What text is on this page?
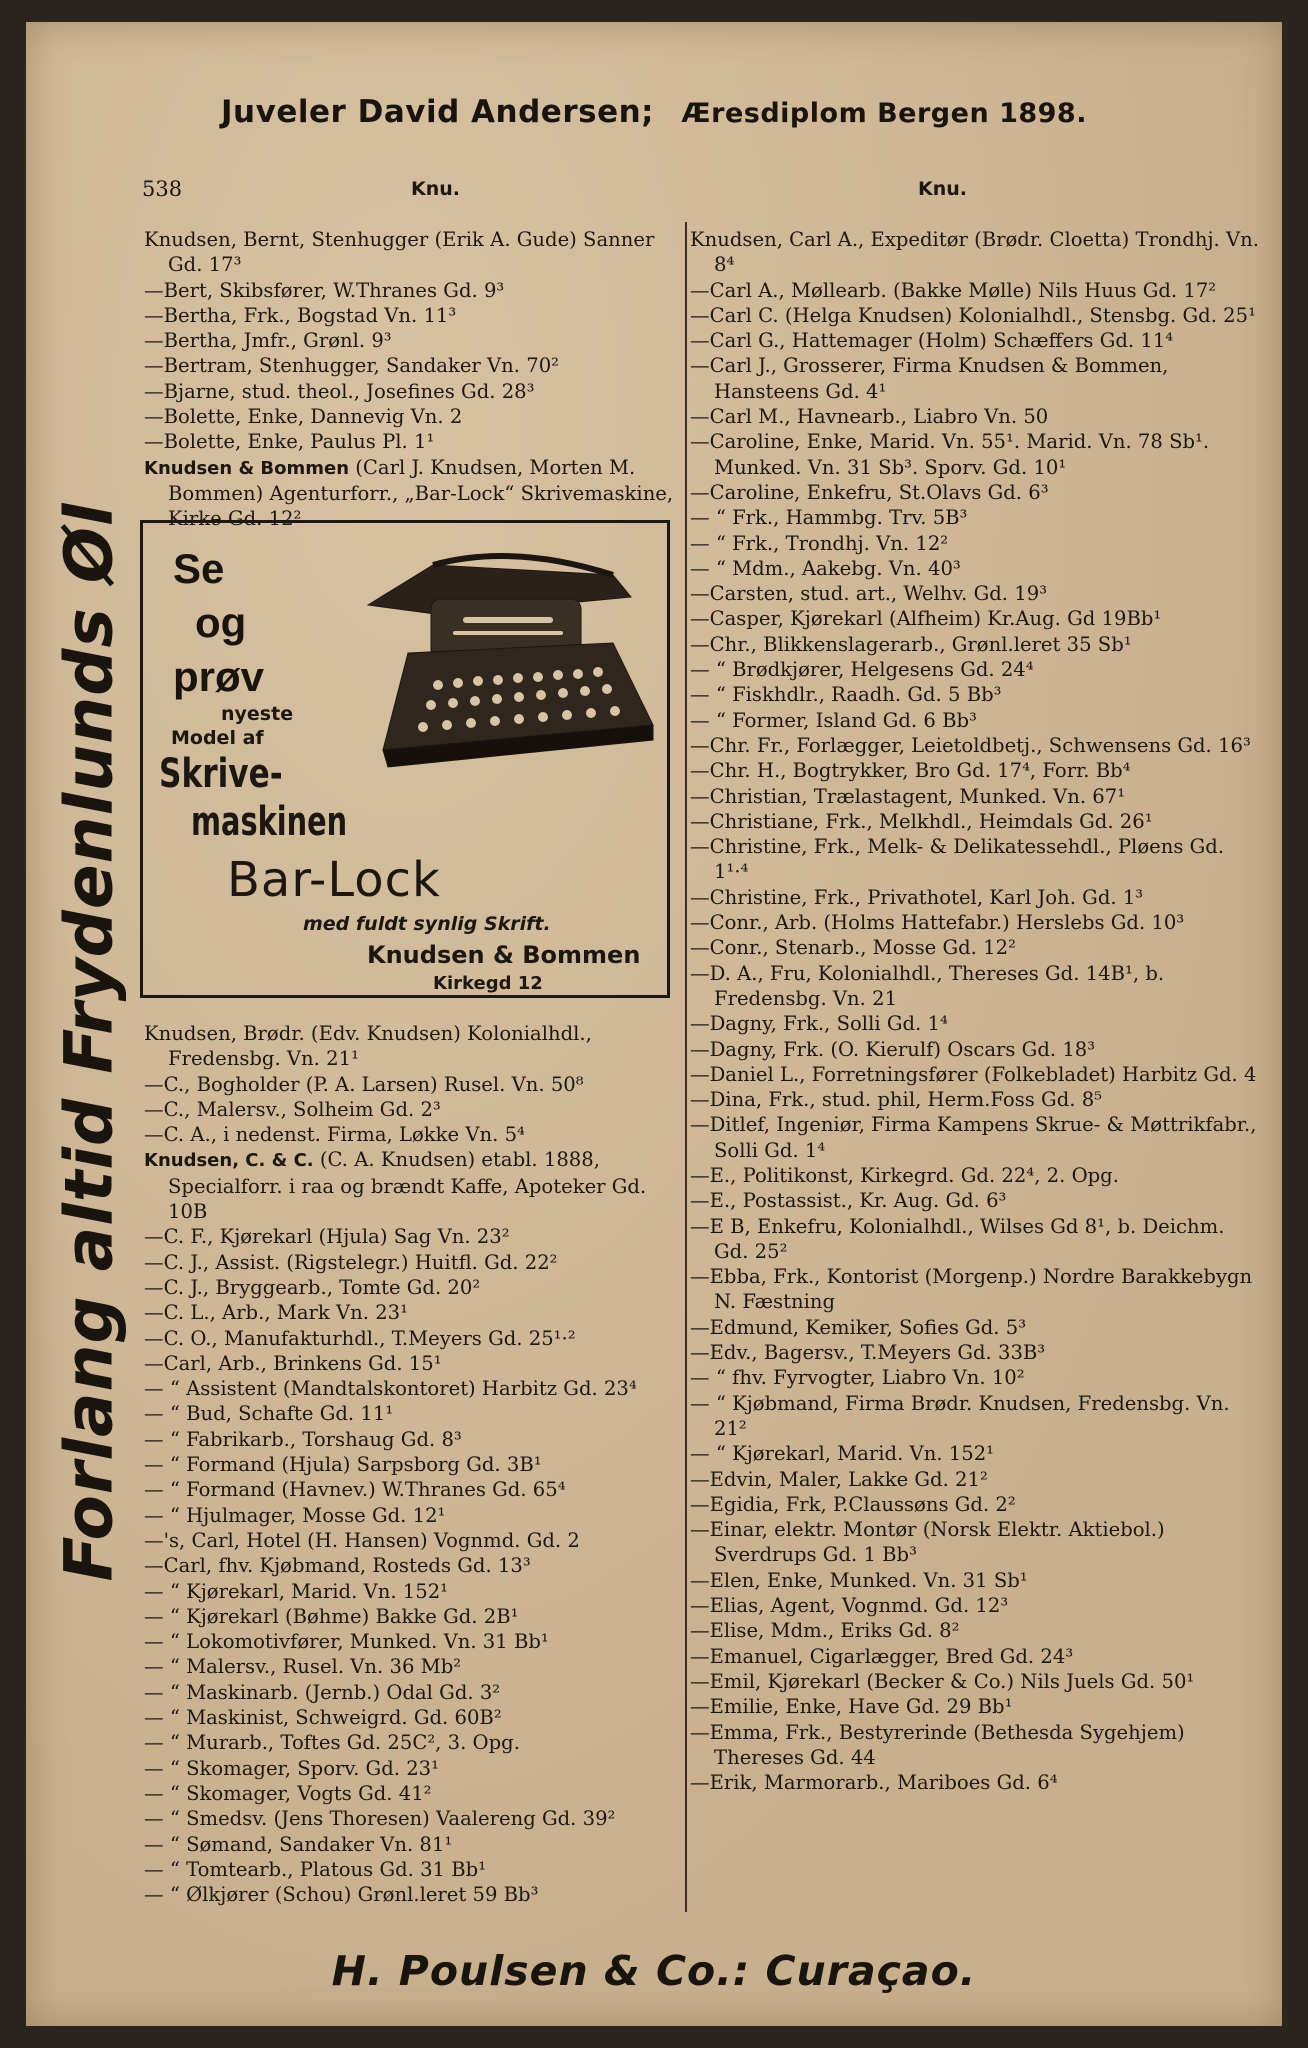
Juveler David Andersen; Æresdiplom Bergen 1898.
538	Knu.	Knu.
Forlang altid Frydenlunds Øl

Knudsen, Bernt, Stenhugger (Erik A. Gude) Sanner Gd. 17³

—Bert, Skibsfører, W.Thranes Gd. 9³

—Bertha, Frk., Bogstad Vn. 11³

—Bertha, Jmfr., Grønl. 9³

—Bertram, Stenhugger, Sandaker Vn. 70²

—Bjarne, stud. theol., Josefines Gd. 28³

—Bolette, Enke, Dannevig Vn. 2

—Bolette, Enke, Paulus Pl. 1¹

Knudsen & Bommen (Carl J. Knudsen, Morten M. Bommen) Agenturforr., „Bar-Lock“ Skrivemaskine, Kirke Gd. 12²

Se
og
prøv
nyeste
Model af
Skrive-
maskinen
Bar-Lock
med fuldt synlig Skrift.
Knudsen & Bommen
Kirkegd 12

Knudsen, Brødr. (Edv. Knudsen) Kolonialhdl., Fredensbg. Vn. 21¹

—C., Bogholder (P. A. Larsen) Rusel. Vn. 50⁸

—C., Malersv., Solheim Gd. 2³

—C. A., i nedenst. Firma, Løkke Vn. 5⁴

Knudsen, C. & C. (C. A. Knudsen) etabl. 1888, Specialforr. i raa og brændt Kaffe, Apoteker Gd. 10B

—C. F., Kjørekarl (Hjula) Sag Vn. 23²

—C. J., Assist. (Rigstelegr.) Huitfl. Gd. 22²

—C. J., Bryggearb., Tomte Gd. 20²

—C. L., Arb., Mark Vn. 23¹

—C. O., Manufakturhdl., T.Meyers Gd. 25¹·²

—Carl, Arb., Brinkens Gd. 15¹

— “ Assistent (Mandtalskontoret) Harbitz Gd. 23⁴

— “ Bud, Schafte Gd. 11¹

— “ Fabrikarb., Torshaug Gd. 8³

— “ Formand (Hjula) Sarpsborg Gd. 3B¹

— “ Formand (Havnev.) W.Thranes Gd. 65⁴

— “ Hjulmager, Mosse Gd. 12¹

—'s, Carl, Hotel (H. Hansen) Vognmd. Gd. 2

—Carl, fhv. Kjøbmand, Rosteds Gd. 13³

— “ Kjørekarl, Marid. Vn. 152¹

— “ Kjørekarl (Bøhme) Bakke Gd. 2B¹

— “ Lokomotivfører, Munked. Vn. 31 Bb¹

— “ Malersv., Rusel. Vn. 36 Mb²

— “ Maskinarb. (Jernb.) Odal Gd. 3²

— “ Maskinist, Schweigrd. Gd. 60B²

— “ Murarb., Toftes Gd. 25C², 3. Opg.

— “ Skomager, Sporv. Gd. 23¹

— “ Skomager, Vogts Gd. 41²

— “ Smedsv. (Jens Thoresen) Vaalereng Gd. 39²

— “ Sømand, Sandaker Vn. 81¹

— “ Tomtearb., Platous Gd. 31 Bb¹

— “ Ølkjører (Schou) Grønl.leret 59 Bb³

Knudsen, Carl A., Expeditør (Brødr. Cloetta) Trondhj. Vn. 8⁴

—Carl A., Møllearb. (Bakke Mølle) Nils Huus Gd. 17²

—Carl C. (Helga Knudsen) Kolonialhdl., Stensbg. Gd. 25¹

—Carl G., Hattemager (Holm) Schæffers Gd. 11⁴

—Carl J., Grosserer, Firma Knudsen & Bommen, Hansteens Gd. 4¹

—Carl M., Havnearb., Liabro Vn. 50

—Caroline, Enke, Marid. Vn. 55¹. Marid. Vn. 78 Sb¹. Munked. Vn. 31 Sb³. Sporv. Gd. 10¹

—Caroline, Enkefru, St.Olavs Gd. 6³

— “ Frk., Hammbg. Trv. 5B³

— “ Frk., Trondhj. Vn. 12²

— “ Mdm., Aakebg. Vn. 40³

—Carsten, stud. art., Welhv. Gd. 19³

—Casper, Kjørekarl (Alfheim) Kr.Aug. Gd 19Bb¹

—Chr., Blikkenslagerarb., Grønl.leret 35 Sb¹

— “ Brødkjører, Helgesens Gd. 24⁴

— “ Fiskhdlr., Raadh. Gd. 5 Bb³

— “ Former, Island Gd. 6 Bb³

—Chr. Fr., Forlægger, Leietoldbetj., Schwensens Gd. 16³

—Chr. H., Bogtrykker, Bro Gd. 17⁴, Forr. Bb⁴

—Christian, Trælastagent, Munked. Vn. 67¹

—Christiane, Frk., Melkhdl., Heimdals Gd. 26¹

—Christine, Frk., Melk- & Delikatessehdl., Pløens Gd. 1¹·⁴

—Christine, Frk., Privathotel, Karl Joh. Gd. 1³

—Conr., Arb. (Holms Hattefabr.) Herslebs Gd. 10³

—Conr., Stenarb., Mosse Gd. 12²

—D. A., Fru, Kolonialhdl., Thereses Gd. 14B¹, b. Fredensbg. Vn. 21

—Dagny, Frk., Solli Gd. 1⁴

—Dagny, Frk. (O. Kierulf) Oscars Gd. 18³

—Daniel L., Forretningsfører (Folkebladet) Harbitz Gd. 4

—Dina, Frk., stud. phil, Herm.Foss Gd. 8⁵

—Ditlef, Ingeniør, Firma Kampens Skrue- & Møttrikfabr., Solli Gd. 1⁴

—E., Politikonst, Kirkegrd. Gd. 22⁴, 2. Opg.

—E., Postassist., Kr. Aug. Gd. 6³

—E B, Enkefru, Kolonialhdl., Wilses Gd 8¹, b. Deichm. Gd. 25²

—Ebba, Frk., Kontorist (Morgenp.) Nordre Barakkebygn N. Fæstning

—Edmund, Kemiker, Sofies Gd. 5³

—Edv., Bagersv., T.Meyers Gd. 33B³

— “ fhv. Fyrvogter, Liabro Vn. 10²

— “ Kjøbmand, Firma Brødr. Knudsen, Fredensbg. Vn. 21²

— “ Kjørekarl, Marid. Vn. 152¹

—Edvin, Maler, Lakke Gd. 21²

—Egidia, Frk, P.Claussøns Gd. 2²

—Einar, elektr. Montør (Norsk Elektr. Aktiebol.) Sverdrups Gd. 1 Bb³

—Elen, Enke, Munked. Vn. 31 Sb¹

—Elias, Agent, Vognmd. Gd. 12³

—Elise, Mdm., Eriks Gd. 8²

—Emanuel, Cigarlægger, Bred Gd. 24³

—Emil, Kjørekarl (Becker & Co.) Nils Juels Gd. 50¹

—Emilie, Enke, Have Gd. 29 Bb¹

—Emma, Frk., Bestyrerinde (Bethesda Sygehjem) Thereses Gd. 44

—Erik, Marmorarb., Mariboes Gd. 6⁴

H. Poulsen & Co.: Curaçao.
